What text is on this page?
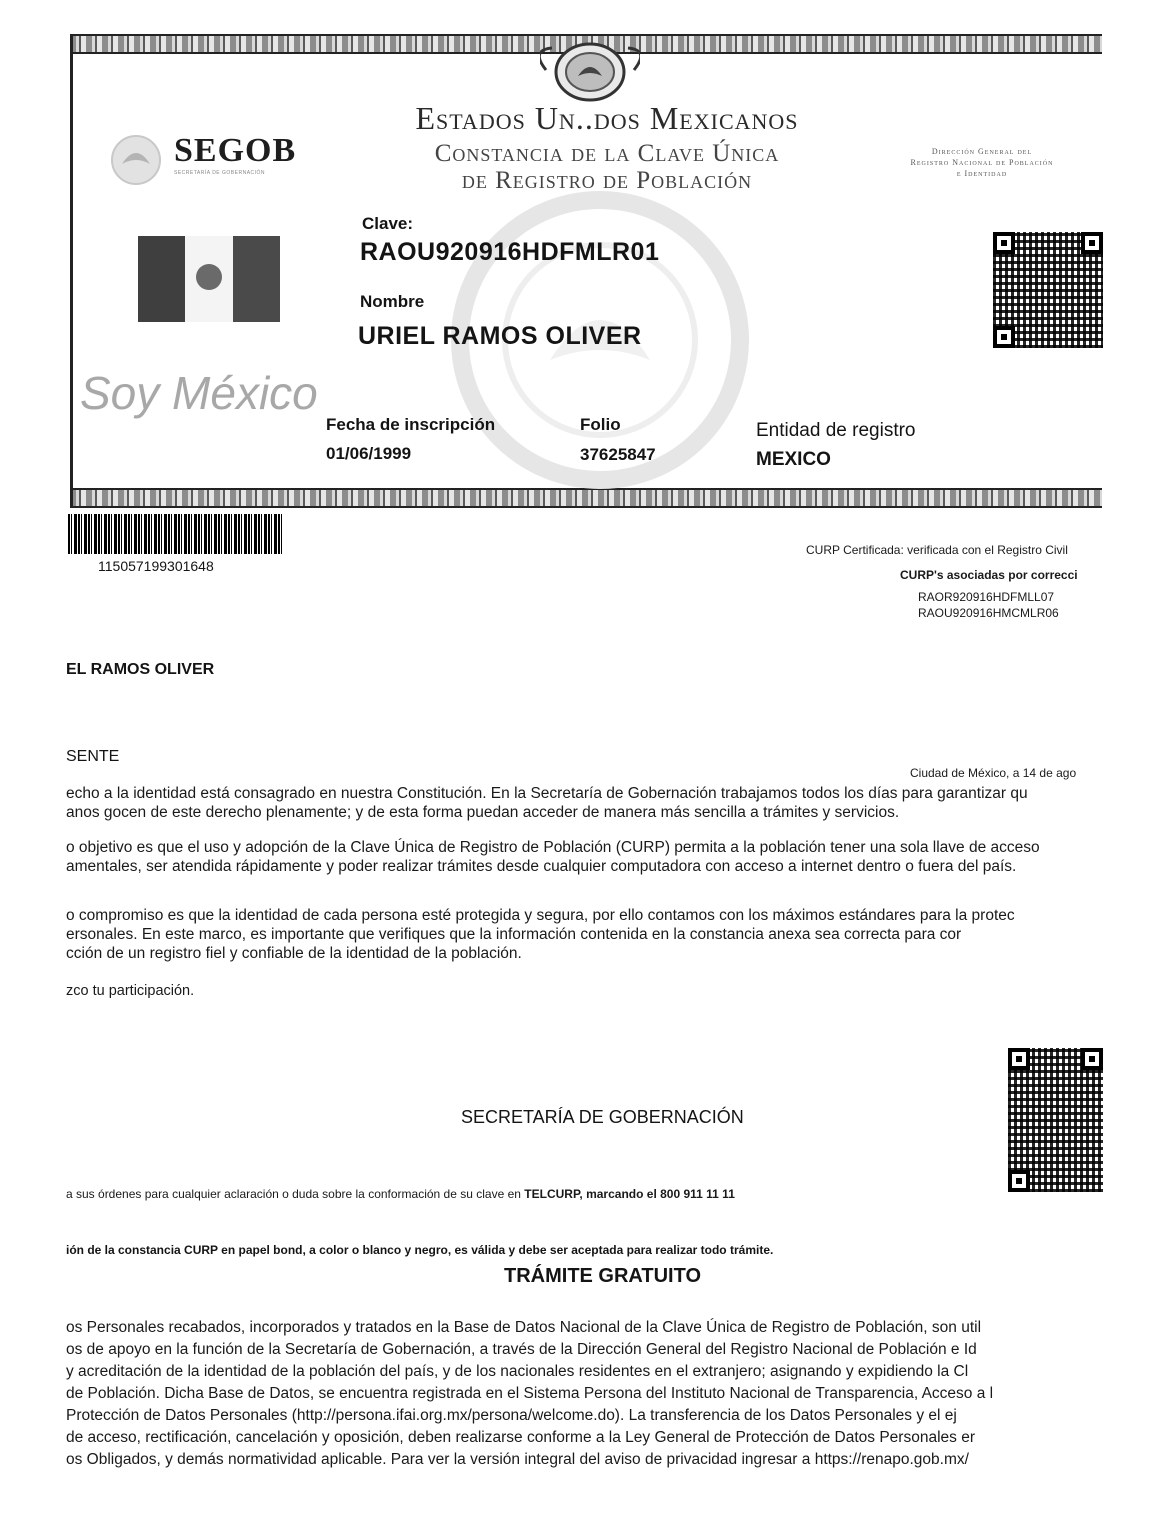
SEGOB
SECRETARÍA DE GOBERNACIÓN
Estados Un..dos Mexicanos
Constancia de la Clave Única
de Registro de Población
Dirección General del
Registro Nacional de Población
e Identidad
Soy México
Clave:
RAOU920916HDFMLR01
Nombre
URIEL RAMOS OLIVER
Fecha de inscripción
01/06/1999
Folio
37625847
Entidad de registro
MEXICO
115057199301648
CURP Certificada: verificada con el Registro Civil
CURP's asociadas por correcci
RAOR920916HDFMLL07
RAOU920916HMCMLR06
EL RAMOS OLIVER
SENTE
Ciudad de México, a 14 de ago
echo a la identidad está consagrado en nuestra Constitución. En la Secretaría de Gobernación trabajamos todos los días para garantizar qu
anos gocen de este derecho plenamente; y de esta forma puedan acceder de manera más sencilla a trámites y servicios.
o objetivo es que el uso y adopción de la Clave Única de Registro de Población (CURP) permita a la población tener una sola llave de acceso
amentales, ser atendida rápidamente y poder realizar trámites desde cualquier computadora con acceso a internet dentro o fuera del país.
o compromiso es que la identidad de cada persona esté protegida y segura, por ello contamos con los máximos estándares para la protec
ersonales. En este marco, es importante que verifiques que la información contenida en la constancia anexa sea correcta para cor
cción de un registro fiel y confiable de la identidad de la población.
zco tu participación.
SECRETARÍA DE GOBERNACIÓN
a sus órdenes para cualquier aclaración o duda sobre la conformación de su clave en TELCURP, marcando el 800 911 11 11
ión de la constancia CURP en papel bond, a color o blanco y negro, es válida y debe ser aceptada para realizar todo trámite.
TRÁMITE GRATUITO
os Personales recabados, incorporados y tratados en la Base de Datos Nacional de la Clave Única de Registro de Población, son util
os de apoyo en la función de la Secretaría de Gobernación, a través de la Dirección General del Registro Nacional de Población e Id
y acreditación de la identidad de la población del país, y de los nacionales residentes en el extranjero; asignando y expidiendo la Cl
de Población. Dicha Base de Datos, se encuentra registrada en el Sistema Persona del Instituto Nacional de Transparencia, Acceso a l
Protección de Datos Personales (http://persona.ifai.org.mx/persona/welcome.do). La transferencia de los Datos Personales y el ej
de acceso, rectificación, cancelación y oposición, deben realizarse conforme a la Ley General de Protección de Datos Personales er
os Obligados, y demás normatividad aplicable. Para ver la versión integral del aviso de privacidad ingresar a https://renapo.gob.mx/
